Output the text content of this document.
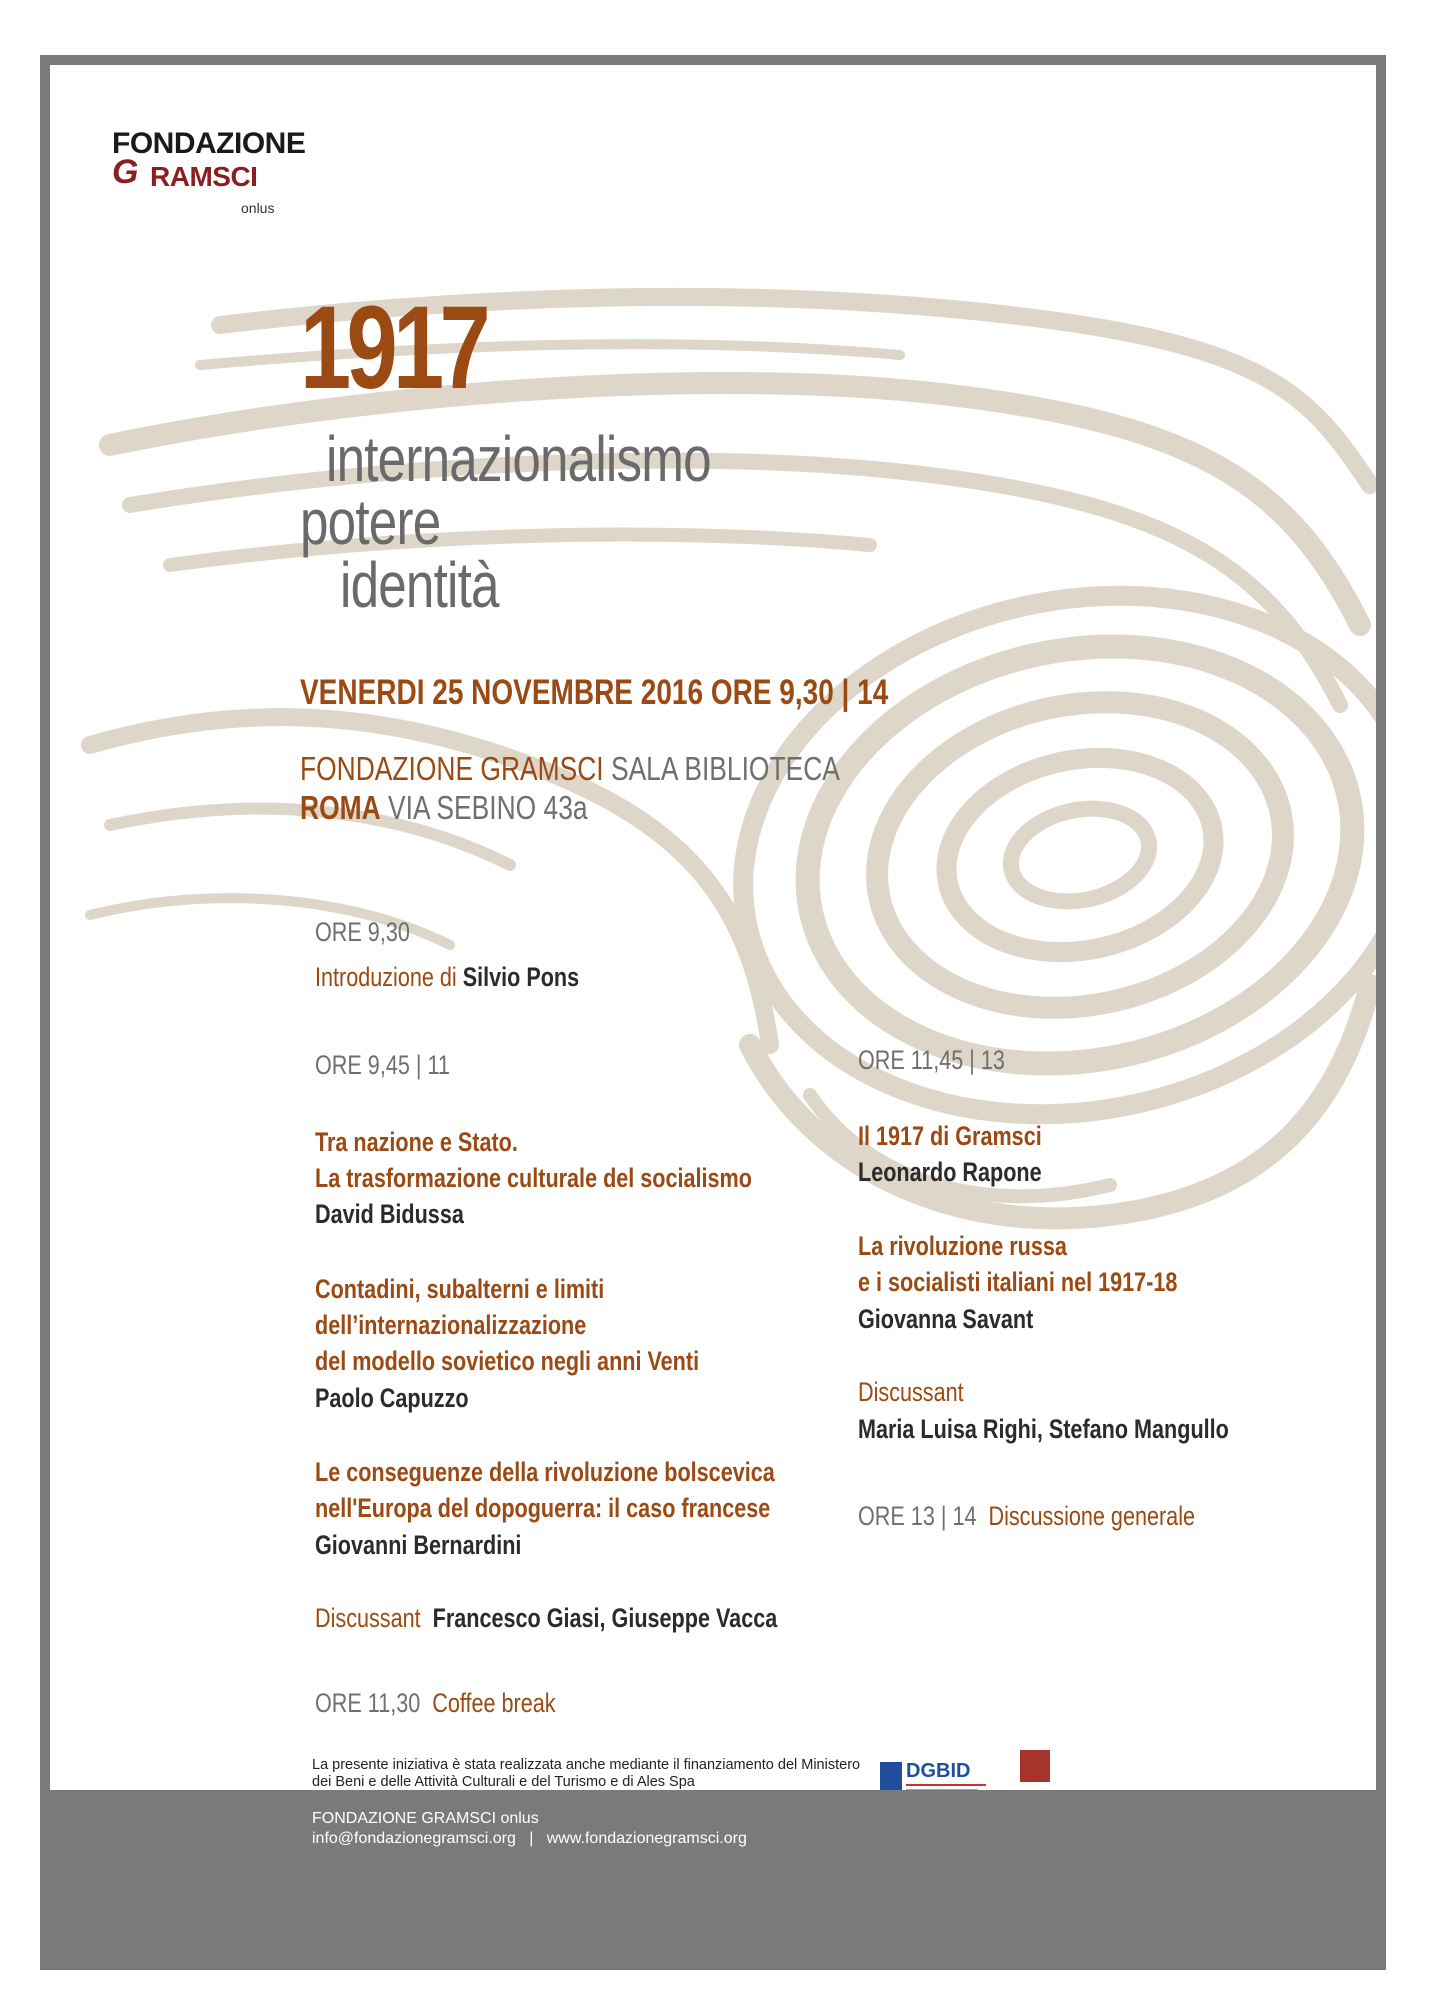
FONDAZIONE
G RAMSCI
onlus
1917
internazionalismo
potere
identità
VENERDI 25 NOVEMBRE 2016 ORE 9,30 | 14
FONDAZIONE GRAMSCI SALA BIBLIOTECA
ROMA VIA SEBINO 43a
ORE 9,30
Introduzione di Silvio Pons
ORE 9,45 | 11
Tra nazione e Stato.
La trasformazione culturale del socialismo
David Bidussa
Contadini, subalterni e limiti
dell’internazionalizzazione
del modello sovietico negli anni Venti
Paolo Capuzzo
Le conseguenze della rivoluzione bolscevica
nell'Europa del dopoguerra: il caso francese
Giovanni Bernardini
Discussant Francesco Giasi, Giuseppe Vacca
ORE 11,30 Coffee break
ORE 11,45 | 13
Il 1917 di Gramsci
Leonardo Rapone
La rivoluzione russa
e i socialisti italiani nel 1917-18
Giovanna Savant
Discussant
Maria Luisa Righi, Stefano Mangullo
ORE 13 | 14 Discussione generale
La presente iniziativa è stata realizzata anche mediante il finanziamento del Ministero dei Beni e delle Attività Culturali e del Turismo e di Ales Spa	DGBID
FONDAZIONE GRAMSCI onlus
info@fondazionegramsci.org | www.fondazionegramsci.org
